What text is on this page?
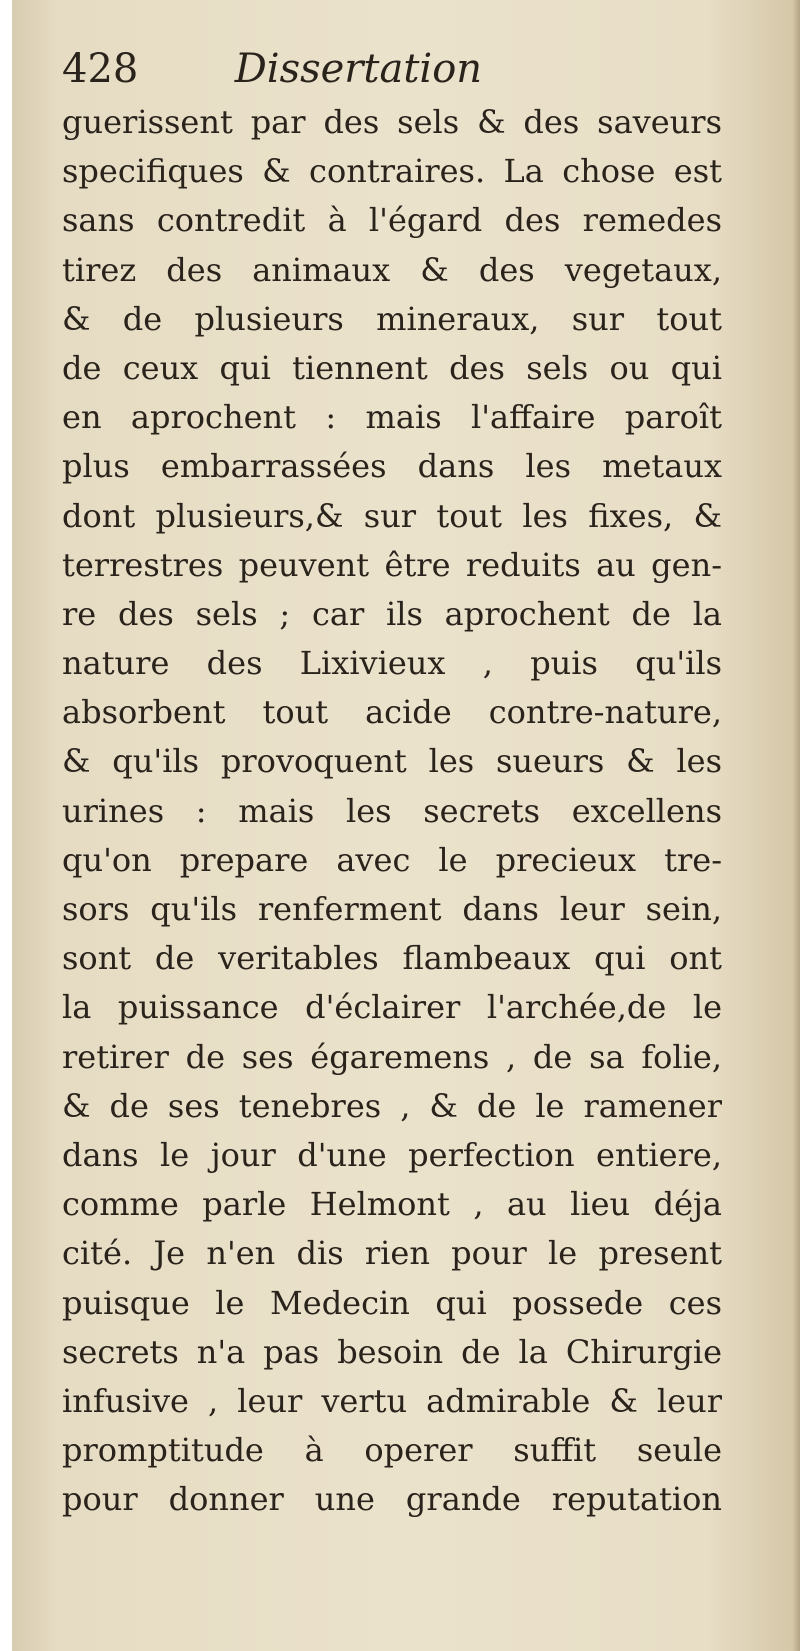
428 Dissertation
guerissent par des sels & des saveurs
specifiques & contraires. La chose est
sans contredit à l'égard des remedes
tirez des animaux & des vegetaux,
& de plusieurs mineraux, sur tout
de ceux qui tiennent des sels ou qui
en aprochent : mais l'affaire paroît
plus embarrassées dans les metaux
dont plusieurs,& sur tout les fixes, &
terrestres peuvent être reduits au gen-
re des sels ; car ils aprochent de la
nature des Lixivieux , puis qu'ils
absorbent tout acide contre-nature,
& qu'ils provoquent les sueurs & les
urines : mais les secrets excellens
qu'on prepare avec le precieux tre-
sors qu'ils renferment dans leur sein,
sont de veritables flambeaux qui ont
la puissance d'éclairer l'archée,de le
retirer de ses égaremens , de sa folie,
& de ses tenebres , & de le ramener
dans le jour d'une perfection entiere,
comme parle Helmont , au lieu déja
cité. Je n'en dis rien pour le present
puisque le Medecin qui possede ces
secrets n'a pas besoin de la Chirurgie
infusive , leur vertu admirable & leur
promptitude à operer suffit seule
pour donner une grande reputation
